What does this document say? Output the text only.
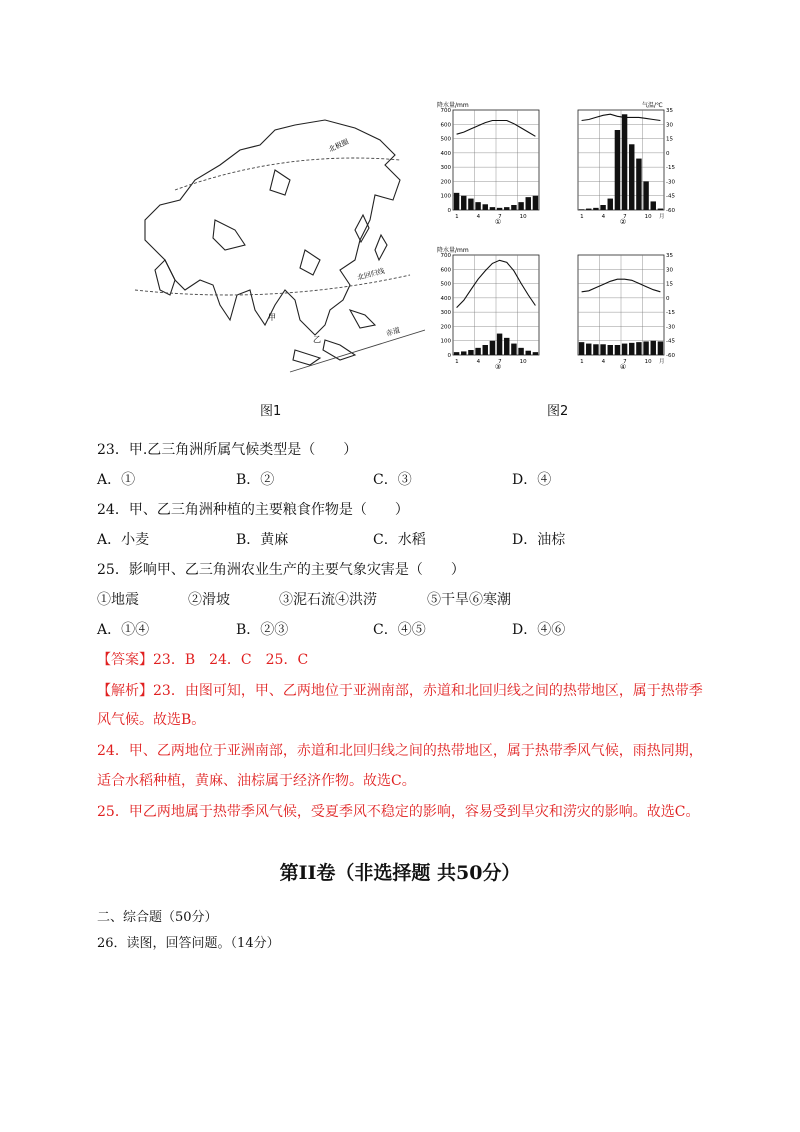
北极圈
北回归线
甲
乙
赤道
降水量/mm
700
600
500
400
300
200
100
0
1	4	7	10
①
气温/℃
35
30
15
0
-15
-30
-45
-60
1	4	7	10 月
②
降水量/mm
700
600
500
400
300
200
100
0
1	4	7	10
③
35
30
15
0
-15
-30
-45
-60
1	4	7	10 月
④
图1	图2
23．甲.乙三角洲所属气候类型是（　　）
A．①	B．②	C．③	D．④
24．甲、乙三角洲种植的主要粮食作物是（　　）
A．小麦	B．黄麻	C．水稻	D．油棕
25．影响甲、乙三角洲农业生产的主要气象灾害是（　　）
①地震	②滑坡	③泥石流④洪涝	⑤干旱⑥寒潮
A．①④	B．②③	C．④⑤	D．④⑥
【答案】23．B　24．C　25．C
【解析】23．由图可知，甲、乙两地位于亚洲南部，赤道和北回归线之间的热带地区，属于热带季
风气候。故选B。
24．甲、乙两地位于亚洲南部，赤道和北回归线之间的热带地区，属于热带季风气候，雨热同期，
适合水稻种植，黄麻、油棕属于经济作物。故选C。
25．甲乙两地属于热带季风气候，受夏季风不稳定的影响，容易受到旱灾和涝灾的影响。故选C。
第II卷（非选择题 共50分）
二、综合题（50分）
26．读图，回答问题。（14分）
